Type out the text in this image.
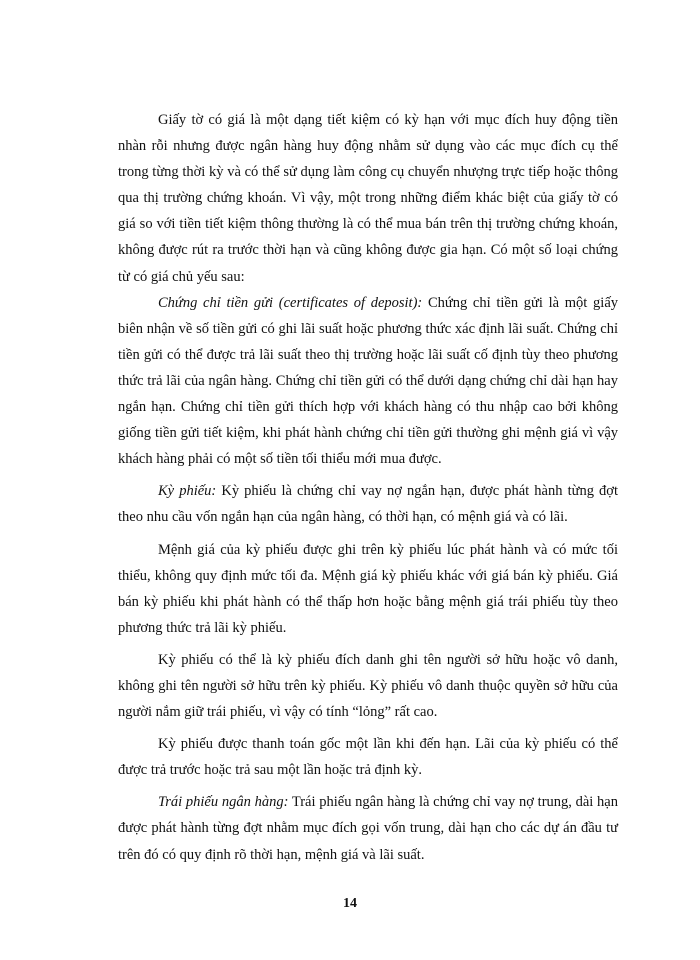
Giấy tờ có giá là một dạng tiết kiệm có kỳ hạn với mục đích huy động tiền nhàn rỗi nhưng được ngân hàng huy động nhằm sử dụng vào các mục đích cụ thể trong từng thời kỳ và có thể sử dụng làm công cụ chuyển nhượng trực tiếp hoặc thông qua thị trường chứng khoán. Vì vậy, một trong những điểm khác biệt của giấy tờ có giá so với tiền tiết kiệm thông thường là có thể mua bán trên thị trường chứng khoán, không được rút ra trước thời hạn và cũng không được gia hạn. Có một số loại chứng từ có giá chủ yếu sau:

Chứng chỉ tiền gửi (certificates of deposit): Chứng chỉ tiền gửi là một giấy biên nhận về số tiền gửi có ghi lãi suất hoặc phương thức xác định lãi suất. Chứng chỉ tiền gửi có thể được trả lãi suất theo thị trường hoặc lãi suất cố định tùy theo phương thức trả lãi của ngân hàng. Chứng chỉ tiền gửi có thể dưới dạng chứng chỉ dài hạn hay ngắn hạn. Chứng chỉ tiền gửi thích hợp với khách hàng có thu nhập cao bởi không giống tiền gửi tiết kiệm, khi phát hành chứng chỉ tiền gửi thường ghi mệnh giá vì vậy khách hàng phải có một số tiền tối thiểu mới mua được.

Kỳ phiếu: Kỳ phiếu là chứng chỉ vay nợ ngắn hạn, được phát hành từng đợt theo nhu cầu vốn ngắn hạn của ngân hàng, có thời hạn, có mệnh giá và có lãi.

Mệnh giá của kỳ phiếu được ghi trên kỳ phiếu lúc phát hành và có mức tối thiểu, không quy định mức tối đa. Mệnh giá kỳ phiếu khác với giá bán kỳ phiếu. Giá bán kỳ phiếu khi phát hành có thể thấp hơn hoặc bằng mệnh giá trái phiếu tùy theo phương thức trả lãi kỳ phiếu.

Kỳ phiếu có thể là kỳ phiếu đích danh ghi tên người sở hữu hoặc vô danh, không ghi tên người sở hữu trên kỳ phiếu. Kỳ phiếu vô danh thuộc quyền sở hữu của người nắm giữ trái phiếu, vì vậy có tính “lỏng” rất cao.

Kỳ phiếu được thanh toán gốc một lần khi đến hạn. Lãi của kỳ phiếu có thể được trả trước hoặc trả sau một lần hoặc trả định kỳ.

Trái phiếu ngân hàng: Trái phiếu ngân hàng là chứng chỉ vay nợ trung, dài hạn được phát hành từng đợt nhằm mục đích gọi vốn trung, dài hạn cho các dự án đầu tư trên đó có quy định rõ thời hạn, mệnh giá và lãi suất.

14
